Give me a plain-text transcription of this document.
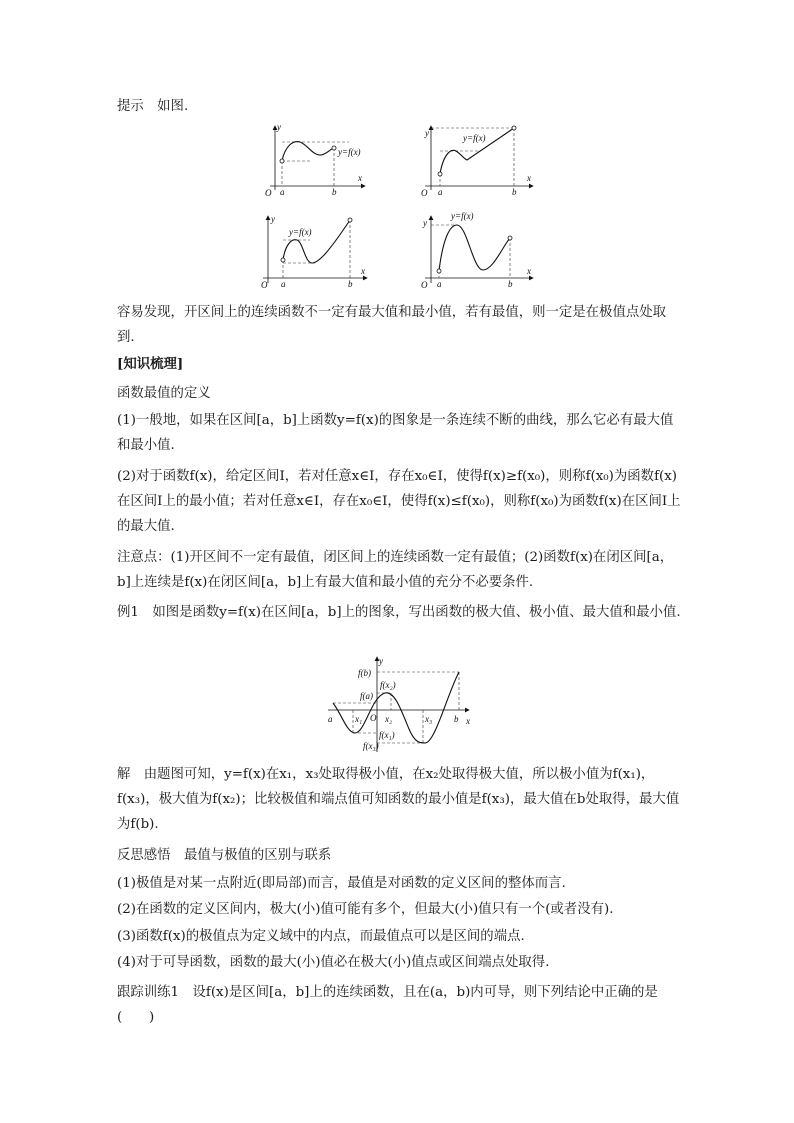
提示　 如图.
y
x
O a	b
y=f(x)
y
x
O a	b
y=f(x)
y
x
O a	b
y=f(x)
y
x
O a	b
y=f(x)
容易发现，开区间上的连续函数不一定有最大值和最小值，若有最值，则一定是在极值点处取到.
[知识梳理]
函数最值的定义
(1)一般地，如果在区间[a，b]上函数y=f(x)的图象是一条连续不断的曲线，那么它必有最大值和最小值.
(2)对于函数f(x)，给定区间I，若对任意x∈I，存在x₀∈I，使得f(x)≥f(x₀)，则称f(x₀)为函数f(x)在区间I上的最小值；若对任意x∈I，存在x₀∈I，使得f(x)≤f(x₀)，则称f(x₀)为函数f(x)在区间I上的最大值.
注意点：(1)开区间不一定有最值，闭区间上的连续函数一定有最值；(2)函数f(x)在闭区间[a，b]上连续是f(x)在闭区间[a，b]上有最大值和最小值的充分不必要条件.
例1　 如图是函数y=f(x)在区间[a，b]上的图象，写出函数的极大值、极小值、最大值和最小值.
y
x
O
a	b
f(b)
f(x₂)
f(a)
f(x₁)
f(x₃)
x₁	x₂	x₃
解　 由题图可知，y=f(x)在x₁，x₃处取得极小值，在x₂处取得极大值，所以极小值为f(x₁)，f(x₃)，极大值为f(x₂)；比较极值和端点值可知函数的最小值是f(x₃)，最大值在b处取得，最大值为f(b).
反思感悟　最值与极值的区别与联系
(1)极值是对某一点附近(即局部)而言，最值是对函数的定义区间的整体而言.
(2)在函数的定义区间内，极大(小)值可能有多个，但最大(小)值只有一个(或者没有).
(3)函数f(x)的极值点为定义域中的内点，而最值点可以是区间的端点.
(4)对于可导函数，函数的最大(小)值必在极大(小)值点或区间端点处取得.
跟踪训练1　 设f(x)是区间[a，b]上的连续函数，且在(a，b)内可导，则下列结论中正确的是(　　)
